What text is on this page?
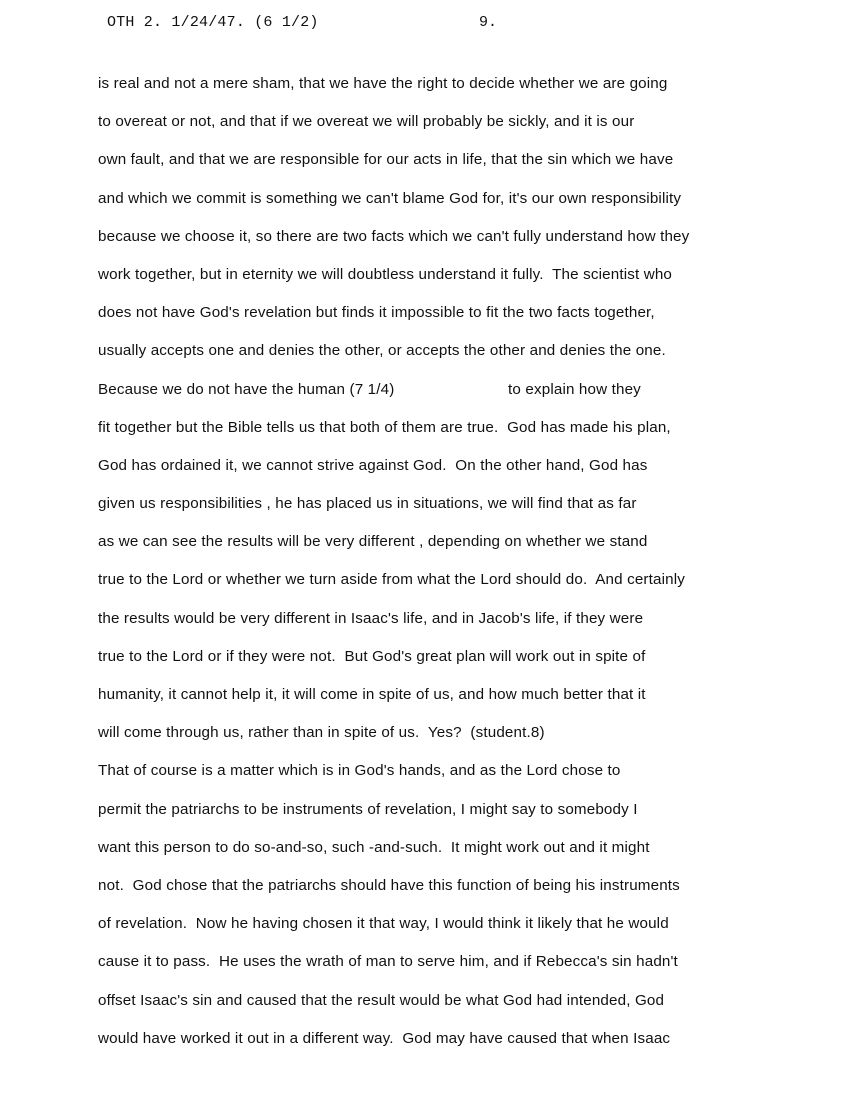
OTH 2. 1/24/47. (6 1/2)	9.
is real and not a mere sham, that we have the right to decide whether we are going
to overeat or not, and that if we overeat we will probably be sickly, and it is our
own fault, and that we are responsible for our acts in life, that the sin which we have
and which we commit is something we can't blame God for, it's our own responsibility
because we choose it, so there are two facts which we can't fully understand how they
work together, but in eternity we will doubtless understand it fully.  The scientist who
does not have God's revelation but finds it impossible to fit the two facts together,
usually accepts one and denies the other, or accepts the other and denies the one.
Because we do not have the human (7 1/4)                          to explain how they
fit together but the Bible tells us that both of them are true.  God has made his plan,
God has ordained it, we cannot strive against God.  On the other hand, God has
given us responsibilities , he has placed us in situations, we will find that as far
as we can see the results will be very different , depending on whether we stand
true to the Lord or whether we turn aside from what the Lord should do.  And certainly
the results would be very different in Isaac's life, and in Jacob's life, if they were
true to the Lord or if they were not.  But God's great plan will work out in spite of
humanity, it cannot help it, it will come in spite of us, and how much better that it
will come through us, rather than in spite of us.  Yes?  (student.8)
That of course is a matter which is in God's hands, and as the Lord chose to
permit the patriarchs to be instruments of revelation, I might say to somebody I
want this person to do so-and-so, such -and-such.  It might work out and it might
not.  God chose that the patriarchs should have this function of being his instruments
of revelation.  Now he having chosen it that way, I would think it likely that he would
cause it to pass.  He uses the wrath of man to serve him, and if Rebecca's sin hadn't
offset Isaac's sin and caused that the result would be what God had intended, God
would have worked it out in a different way.  God may have caused that when Isaac
